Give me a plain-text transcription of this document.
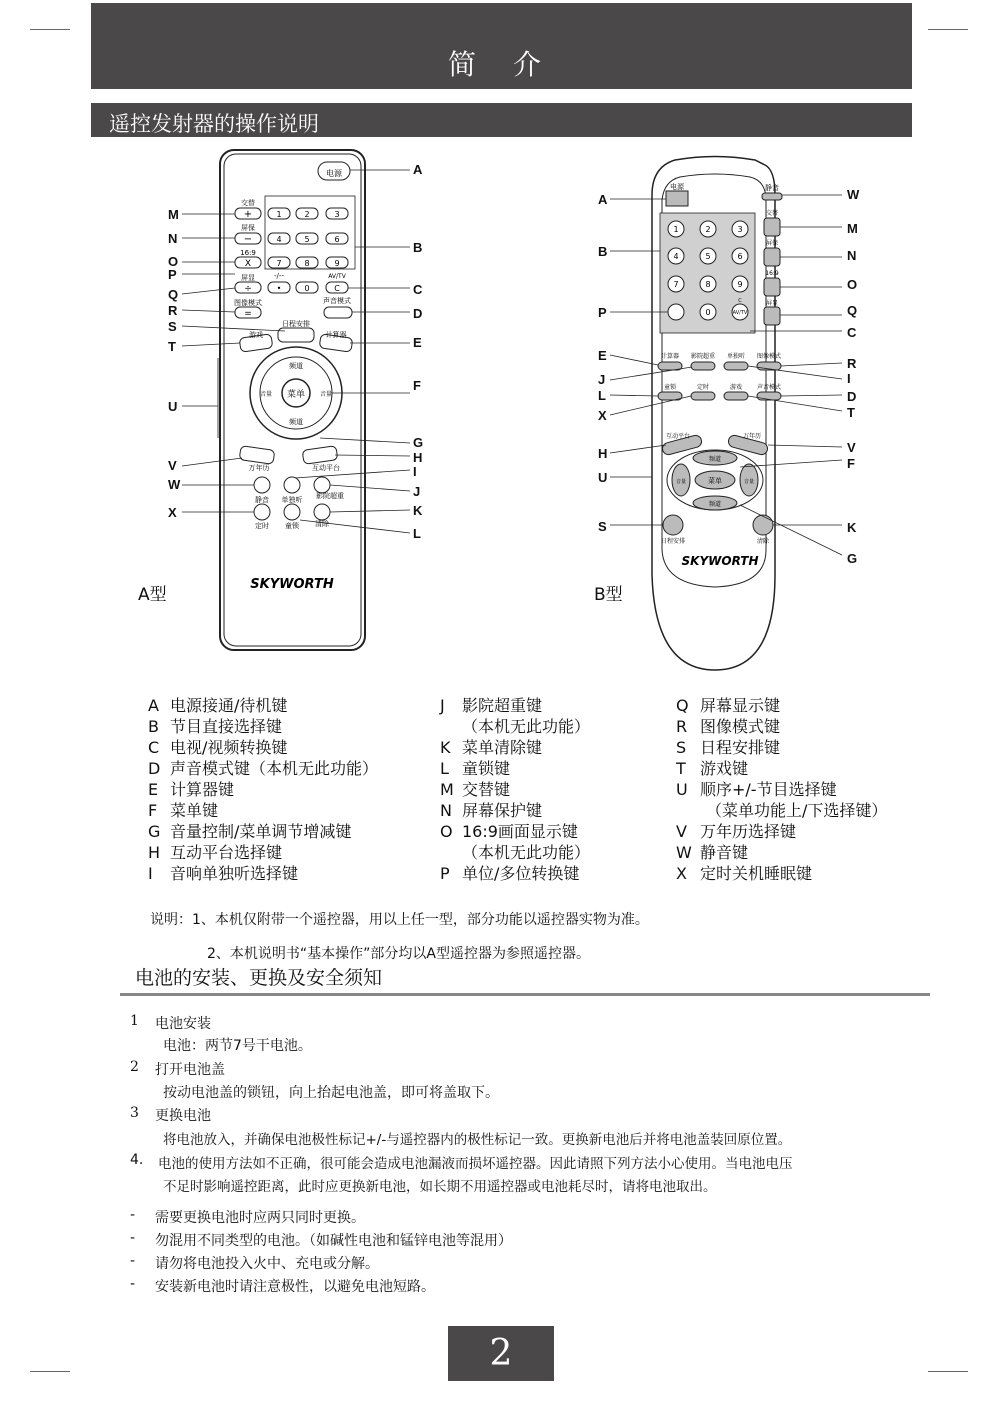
简 介
遥控发射器的操作说明
电源
交替
+
屏保
−
16:9
X
屏显
÷
图像模式
=
1	2	3
4	5	6
7	8	9
•	0	C
-/--	AV/TV
声音模式
游戏
日程安排
计算器
菜单
频道
频道
音量	音量
万年历	互动平台
静音 单独听 影院超重
定时 童锁 清除
SKYWORTH
M
N
O
P
Q
R
S
T
U
V
W
X
A
B
C
D
E
F
G
H
I
J
K
L
A型
电源	静音
交替
屏保
16:9
屏显
1	2	3
4	5	6
7	8	9
0
C
AV/TV
计算器 影院超重 单独听 图像模式
童锁	定时	游戏 声音模式
互动平台	万年历
频道
频道
音量	音量
菜单
日程安排	清除
SKYWORTH
A
B
P
E
J
L
X
H
U
S
W
M
N
O
Q
C
R
I
D
T
V
F
K
G
B型
A 电源接通/待机键
B 节目直接选择键
C 电视/视频转换键
D 声音模式键（本机无此功能）
E 计算器键
F 菜单键
G 音量控制/菜单调节增减键
H 互动平台选择键
I 音响单独听选择键
J 影院超重键
（本机无此功能）
K 菜单清除键
L 童锁键
M 交替键
N 屏幕保护键
O 16:9画面显示键
（本机无此功能）
P 单位/多位转换键
Q 屏幕显示键
R 图像模式键
S 日程安排键
T 游戏键
U 顺序+/-节目选择键
（菜单功能上/下选择键）
V 万年历选择键
W 静音键
X 定时关机睡眠键
说明：1、本机仅附带一个遥控器，用以上任一型，部分功能以遥控器实物为准。
2、本机说明书“基本操作”部分均以A型遥控器为参照遥控器。
电池的安装、更换及安全须知
1 电池安装
电池：两节7号干电池。
2 打开电池盖
按动电池盖的锁钮，向上抬起电池盖，即可将盖取下。
3 更换电池
将电池放入，并确保电池极性标记+/-与遥控器内的极性标记一致。更换新电池后并将电池盖装回原位置。
4. 电池的使用方法如不正确，很可能会造成电池漏液而损坏遥控器。因此请照下列方法小心使用。当电池电压
不足时影响遥控距离，此时应更换新电池，如长期不用遥控器或电池耗尽时，请将电池取出。
- 需要更换电池时应两只同时更换。
- 勿混用不同类型的电池。（如碱性电池和锰锌电池等混用）
- 请勿将电池投入火中、充电或分解。
- 安装新电池时请注意极性，以避免电池短路。
2
